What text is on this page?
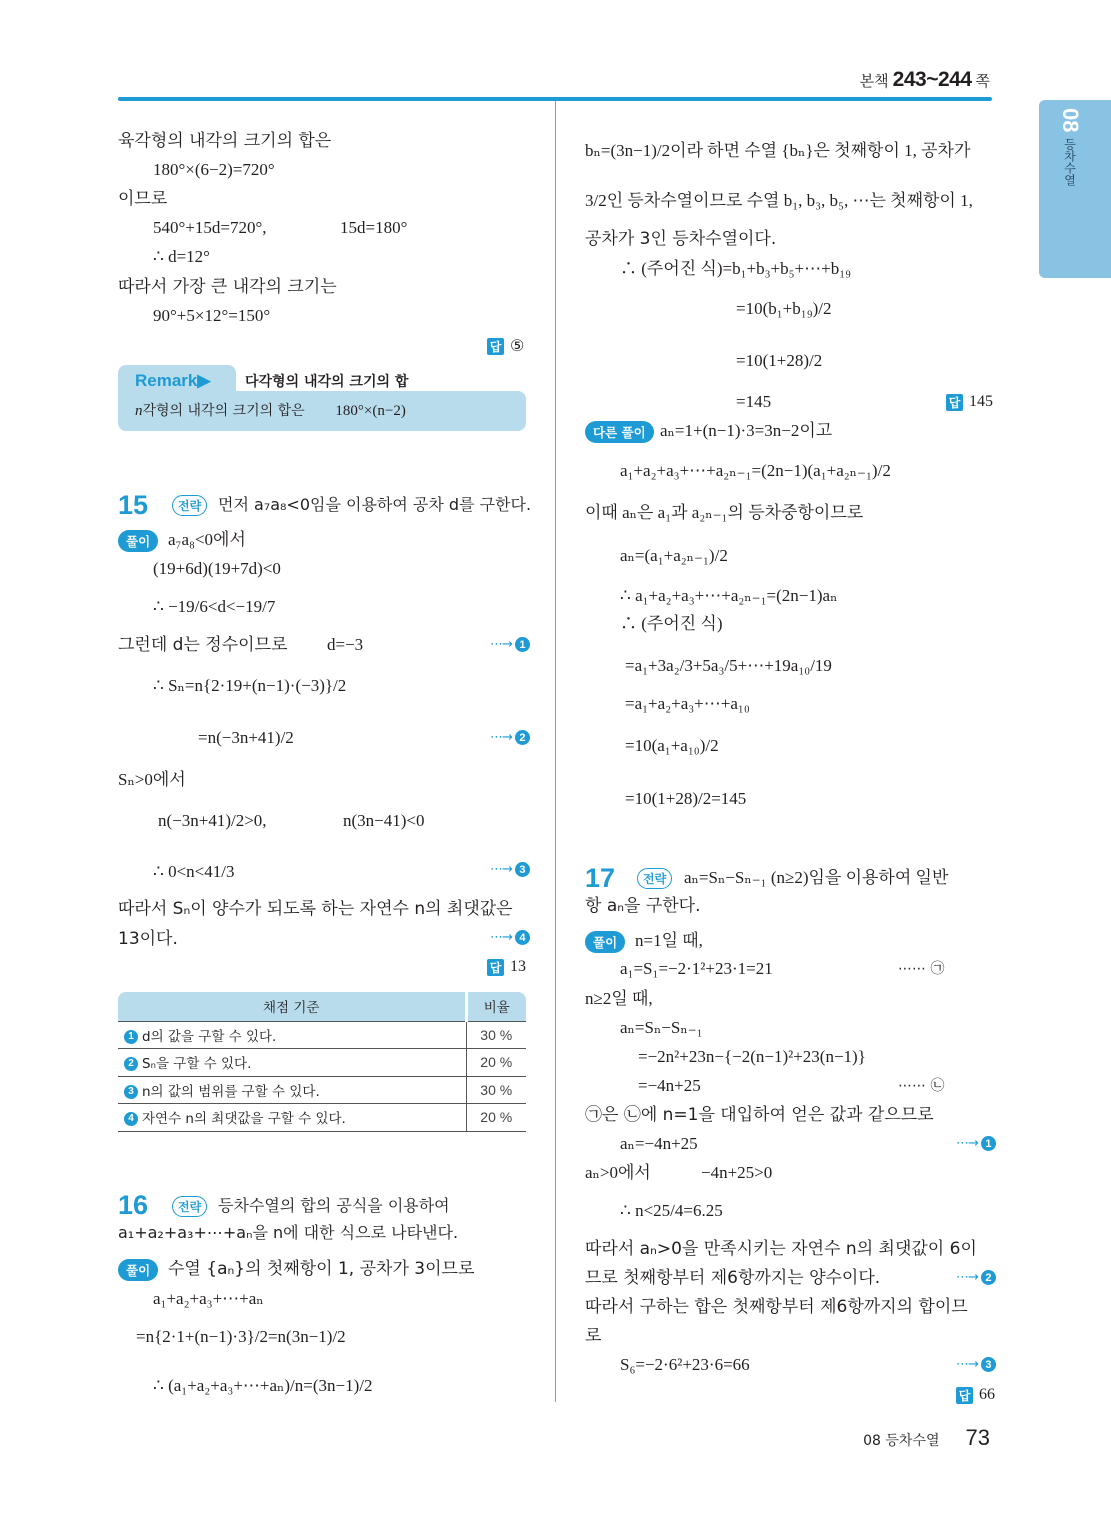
본책 243~244 쪽
08
등차수열
육각형의 내각의 크기의 합은
180°×(6−2)=720°
이므로
540°+15d=720°,	15d=180°
∴ d=12°
따라서 가장 큰 내각의 크기는
90°+5×12°=150°
답 ⑤
Remark▶ 다각형의 내각의 크기의 합
n각형의 내각의 크기의 합은 180°×(n−2)
15	전략	먼저 a₇a₈<0임을 이용하여 공차 d를 구한다.
풀이	a₇a₈<0에서
(19+6d)(19+7d)<0
∴ −19/6<d<−19/7
그런데 d는 정수이므로 d=−3	⋯→ 1
∴ Sₙ=n{2·19+(n−1)·(−3)}/2
=n(−3n+41)/2	⋯→ 2
Sₙ>0에서
n(−3n+41)/2>0,	n(3n−41)<0
∴ 0<n<41/3	⋯→ 3
따라서 Sₙ이 양수가 되도록 하는 자연수 n의 최댓값은
13이다.	⋯→ 4
답 13
채점 기준	비율
1 d의 값을 구할 수 있다.	30 %
2 Sₙ을 구할 수 있다.	20 %
3 n의 값의 범위를 구할 수 있다.	30 %
4 자연수 n의 최댓값을 구할 수 있다.	20 %
16	전략	등차수열의 합의 공식을 이용하여
a₁+a₂+a₃+⋯+aₙ을 n에 대한 식으로 나타낸다.
풀이	수열 {aₙ}의 첫째항이 1, 공차가 3이므로
a₁+a₂+a₃+⋯+aₙ
=n{2·1+(n−1)·3}/2=n(3n−1)/2
∴ (a₁+a₂+a₃+⋯+aₙ)/n=(3n−1)/2
bₙ=(3n−1)/2이라 하면 수열 {bₙ}은 첫째항이 1, 공차가
3/2인 등차수열이므로 수열 b₁, b₃, b₅, ⋯는 첫째항이 1,
공차가 3인 등차수열이다.
∴ (주어진 식)=b₁+b₃+b₅+⋯+b₁₉
=10(b₁+b₁₉)/2
=10(1+28)/2
=145	답 145
다른 풀이 aₙ=1+(n−1)·3=3n−2이고
a₁+a₂+a₃+⋯+a₂ₙ₋₁=(2n−1)(a₁+a₂ₙ₋₁)/2
이때 aₙ은 a₁과 a₂ₙ₋₁의 등차중항이므로
aₙ=(a₁+a₂ₙ₋₁)/2
∴ a₁+a₂+a₃+⋯+a₂ₙ₋₁=(2n−1)aₙ
∴ (주어진 식)
=a₁+3a₂/3+5a₃/5+⋯+19a₁₀/19
=a₁+a₂+a₃+⋯+a₁₀
=10(a₁+a₁₀)/2
=10(1+28)/2=145
17	전략	aₙ=Sₙ−Sₙ₋₁ (n≥2)임을 이용하여 일반
항 aₙ을 구한다.
풀이	n=1일 때,
a₁=S₁=−2·1²+23·1=21	⋯⋯ ㉠
n≥2일 때,
aₙ=Sₙ−Sₙ₋₁
=−2n²+23n−{−2(n−1)²+23(n−1)}
=−4n+25	⋯⋯ ㉡
㉠은 ㉡에 n=1을 대입하여 얻은 값과 같으므로
aₙ=−4n+25	⋯→ 1
aₙ>0에서	−4n+25>0
∴ n<25/4=6.25
따라서 aₙ>0을 만족시키는 자연수 n의 최댓값이 6이
므로 첫째항부터 제6항까지는 양수이다.	⋯→ 2
따라서 구하는 합은 첫째항부터 제6항까지의 합이므
로
S₆=−2·6²+23·6=66	⋯→ 3
답 66
08 등차수열 73
